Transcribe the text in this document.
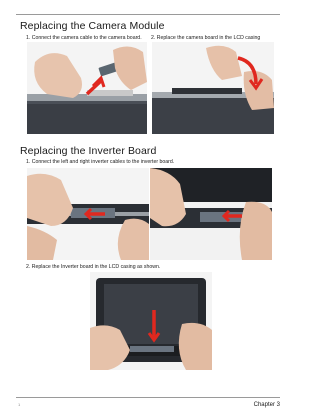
Replacing the Camera Module
1. Connect the camera cable to the camera board. 2. Replace the camera board in the LCD casing
Replacing the Inverter Board
1. Connect the left and right inverter cables to the inverter board.
2. Replace the Inverter board in the LCD casing as shown.
1	Chapter 3
